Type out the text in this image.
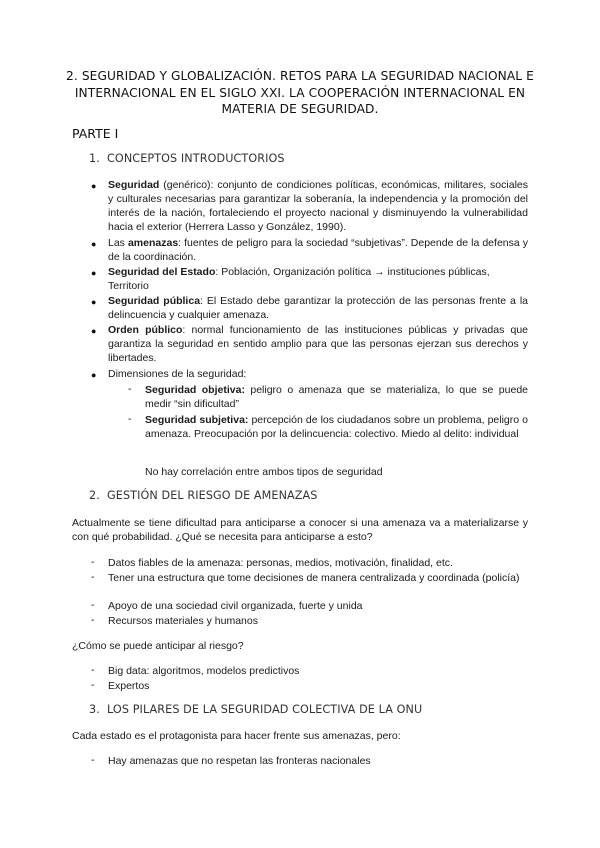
2. SEGURIDAD Y GLOBALIZACIÓN. RETOS PARA LA SEGURIDAD NACIONAL E INTERNACIONAL EN EL SIGLO XXI. LA COOPERACIÓN INTERNACIONAL EN MATERIA DE SEGURIDAD.
PARTE I
1. CONCEPTOS INTRODUCTORIOS
● Seguridad (genérico): conjunto de condiciones políticas, económicas, militares, sociales y culturales necesarias para garantizar la soberanía, la independencia y la promoción del interés de la nación, fortaleciendo el proyecto nacional y disminuyendo la vulnerabilidad hacia el exterior (Herrera Lasso y González, 1990).
● Las amenazas: fuentes de peligro para la sociedad “subjetivas”. Depende de la defensa y de la coordinación.
● Seguridad del Estado: Población, Organización política → instituciones públicas, Territorio
● Seguridad pública: El Estado debe garantizar la protección de las personas frente a la delincuencia y cualquier amenaza.
● Orden público: normal funcionamiento de las instituciones públicas y privadas que garantiza la seguridad en sentido amplio para que las personas ejerzan sus derechos y libertades.
● Dimensiones de la seguridad:
- Seguridad objetiva: peligro o amenaza que se materializa, lo que se puede medir “sin dificultad”
- Seguridad subjetiva: percepción de los ciudadanos sobre un problema, peligro o amenaza. Preocupación por la delincuencia: colectivo. Miedo al delito: individual
No hay correlación entre ambos tipos de seguridad
2. GESTIÓN DEL RIESGO DE AMENAZAS
Actualmente se tiene dificultad para anticiparse a conocer si una amenaza va a materializarse y con qué probabilidad. ¿Qué se necesita para anticiparse a esto?
- Datos fiables de la amenaza: personas, medios, motivación, finalidad, etc.
- Tener una estructura que tome decisiones de manera centralizada y coordinada (policía)
- Apoyo de una sociedad civil organizada, fuerte y unida
- Recursos materiales y humanos
¿Cómo se puede anticipar al riesgo?
- Big data: algoritmos, modelos predictivos
- Expertos
3. LOS PILARES DE LA SEGURIDAD COLECTIVA DE LA ONU
Cada estado es el protagonista para hacer frente sus amenazas, pero:
- Hay amenazas que no respetan las fronteras nacionales
